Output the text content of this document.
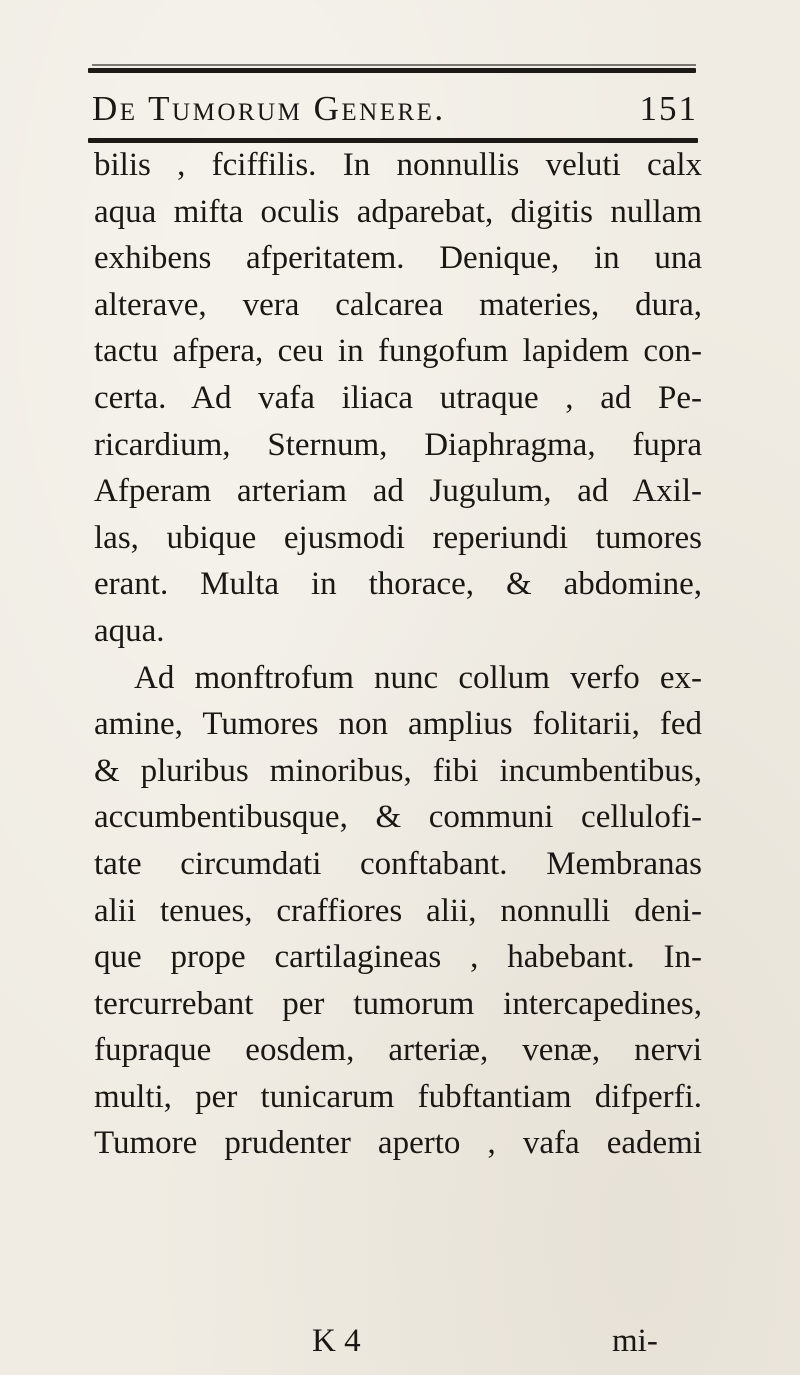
De Tumorum Genere.	151
bilis , fciffilis. In nonnullis veluti calx
aqua mifta oculis adparebat, digitis nullam
exhibens afperitatem. Denique, in una
alterave, vera calcarea materies, dura,
tactu afpera, ceu in fungofum lapidem con-
certa. Ad vafa iliaca utraque , ad Pe-
ricardium, Sternum, Diaphragma, fupra
Afperam arteriam ad Jugulum, ad Axil-
las, ubique ejusmodi reperiundi tumores
erant. Multa in thorace, & abdomine,
aqua.
Ad monftrofum nunc collum verfo ex-
amine, Tumores non amplius folitarii, fed
& pluribus minoribus, fibi incumbentibus,
accumbentibusque, & communi cellulofi-
tate circumdati conftabant. Membranas
alii tenues, craffiores alii, nonnulli deni-
que prope cartilagineas , habebant. In-
tercurrebant per tumorum intercapedines,
fupraque eosdem, arteriæ, venæ, nervi
multi, per tunicarum fubftantiam difperfi.
Tumore prudenter aperto , vafa eademi
K 4	mi-
